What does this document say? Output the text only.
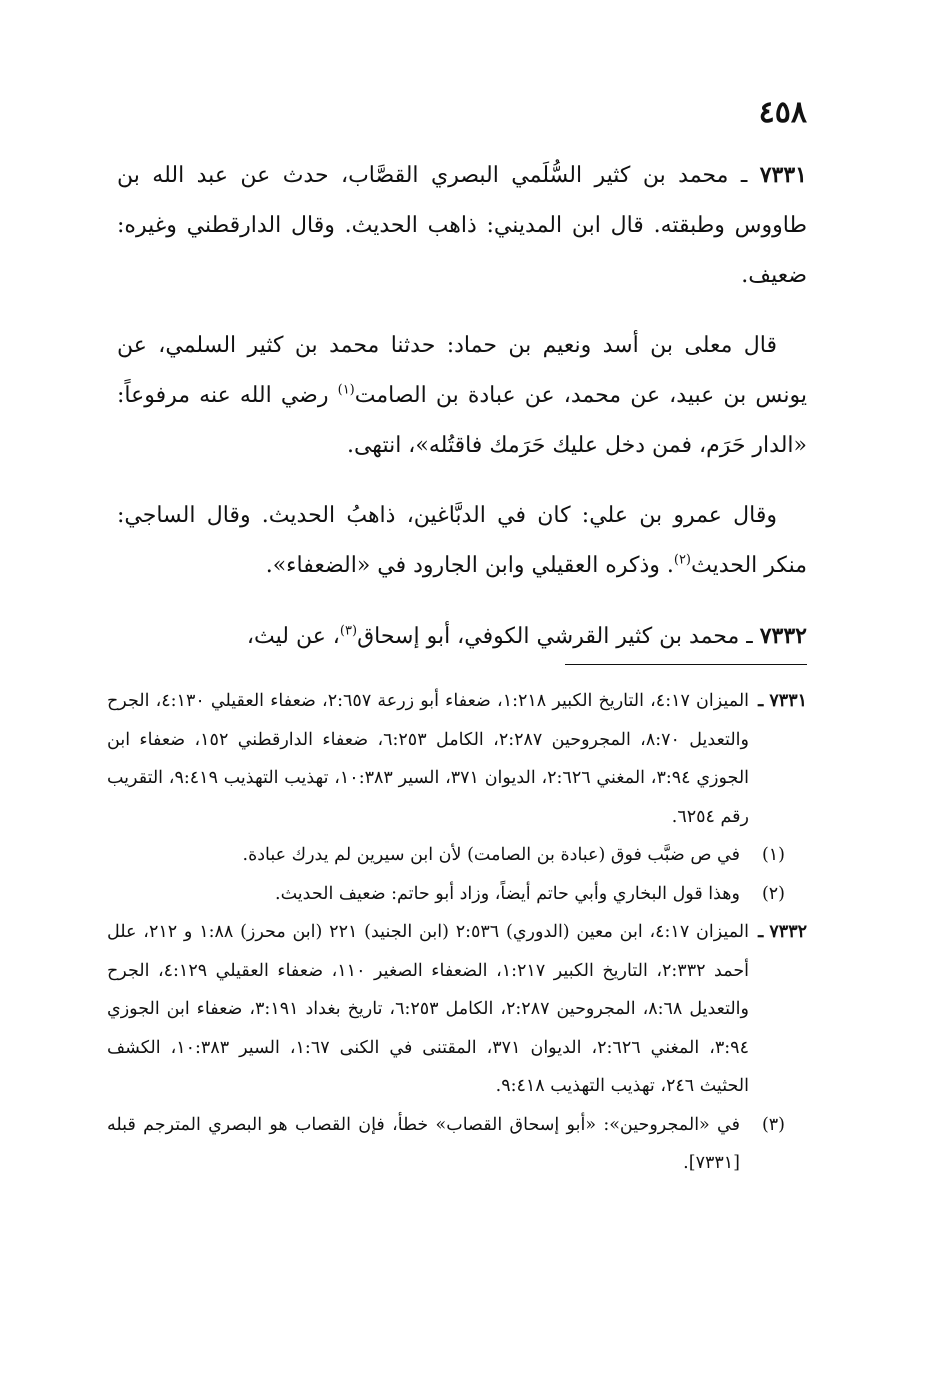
٤٥٨

٧٣٣١ ـ محمد بن كثير السُّلَمي البصري القصَّاب، حدث عن عبد الله بن طاووس وطبقته. قال ابن المديني: ذاهب الحديث. وقال الدارقطني وغيره: ضعيف.

قال معلى بن أسد ونعيم بن حماد: حدثنا محمد بن كثير السلمي، عن يونس بن عبيد، عن محمد، عن عبادة بن الصامت$^{(١)}$ رضي الله عنه مرفوعاً: «الدار حَرَم، فمن دخل عليك حَرَمك فاقتُله»، انتهى.

وقال عمرو بن علي: كان في الدبَّاغين، ذاهبُ الحديث. وقال الساجي: منكر الحديث$^{(٢)}$. وذكره العقيلي وابن الجارود في «الضعفاء».

٧٣٣٢ ـ محمد بن كثير القرشي الكوفي، أبو إسحاق$^{(٣)}$، عن ليث،

٧٣٣١ ـ
الميزان ٤:١٧، التاريخ الكبير ١:٢١٨، ضعفاء أبو زرعة ٢:٦٥٧، ضعفاء العقيلي ٤:١٣٠، الجرح والتعديل ٨:٧٠، المجروحين ٢:٢٨٧، الكامل ٦:٢٥٣، ضعفاء الدارقطني ١٥٢، ضعفاء ابن الجوزي ٣:٩٤، المغني ٢:٦٢٦، الديوان ٣٧١، السير ١٠:٣٨٣، تهذيب التهذيب ٩:٤١٩، التقريب رقم ٦٢٥٤.
(١)
في ص ضبَّب فوق (عبادة بن الصامت) لأن ابن سيرين لم يدرك عبادة.
(٢)
وهذا قول البخاري وأبي حاتم أيضاً، وزاد أبو حاتم: ضعيف الحديث.
٧٣٣٢ ـ
الميزان ٤:١٧، ابن معين (الدوري) ٢:٥٣٦ (ابن الجنيد) ٢٢١ (ابن محرز) ١:٨٨ و ٢١٢، علل أحمد ٢:٣٣٢، التاريخ الكبير ١:٢١٧، الضعفاء الصغير ١١٠، ضعفاء العقيلي ٤:١٢٩، الجرح والتعديل ٨:٦٨، المجروحين ٢:٢٨٧، الكامل ٦:٢٥٣، تاريخ بغداد ٣:١٩١، ضعفاء ابن الجوزي ٣:٩٤، المغني ٢:٦٢٦، الديوان ٣٧١، المقتنى في الكنى ١:٦٧، السير ١٠:٣٨٣، الكشف الحثيث ٢٤٦، تهذيب التهذيب ٩:٤١٨.
(٣)
في «المجروحين»: «أبو إسحاق القصاب» خطأ، فإن القصاب هو البصري المترجم قبله [٧٣٣١].
